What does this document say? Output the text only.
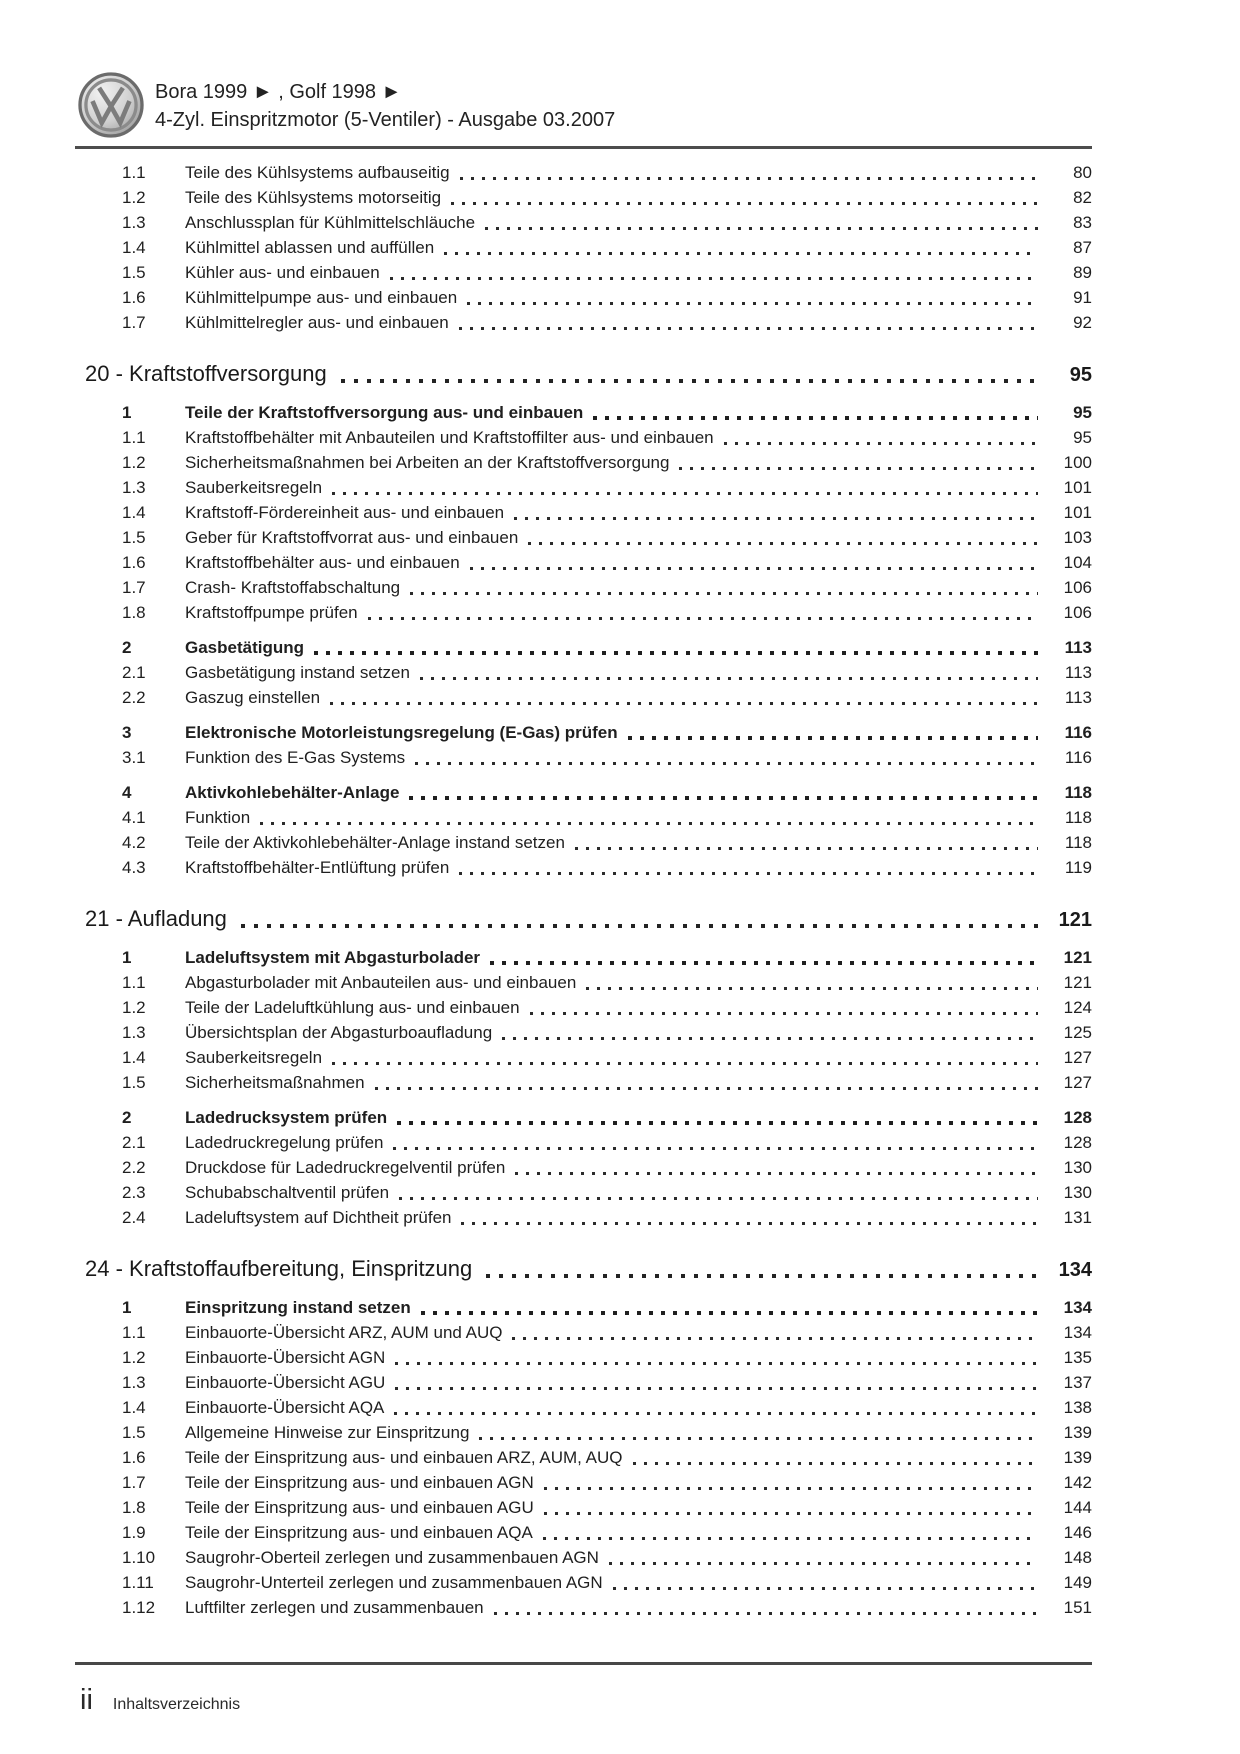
Bora 1999 ► , Golf 1998 ►
4-Zyl. Einspritzmotor (5-Ventiler) - Ausgabe 03.2007
1.1	Teile des Kühlsystems aufbauseitig	80
1.2	Teile des Kühlsystems motorseitig	82
1.3	Anschlussplan für Kühlmittelschläuche	83
1.4	Kühlmittel ablassen und auffüllen	87
1.5	Kühler aus- und einbauen	89
1.6	Kühlmittelpumpe aus- und einbauen	91
1.7	Kühlmittelregler aus- und einbauen	92
20 - Kraftstoffversorgung	95
1	Teile der Kraftstoffversorgung aus- und einbauen	95
1.1	Kraftstoffbehälter mit Anbauteilen und Kraftstoffilter aus- und einbauen	95
1.2	Sicherheitsmaßnahmen bei Arbeiten an der Kraftstoffversorgung	100
1.3	Sauberkeitsregeln	101
1.4	Kraftstoff-Fördereinheit aus- und einbauen	101
1.5	Geber für Kraftstoffvorrat aus- und einbauen	103
1.6	Kraftstoffbehälter aus- und einbauen	104
1.7	Crash- Kraftstoffabschaltung	106
1.8	Kraftstoffpumpe prüfen	106
2	Gasbetätigung	113
2.1	Gasbetätigung instand setzen	113
2.2	Gaszug einstellen	113
3	Elektronische Motorleistungsregelung (E-Gas) prüfen	116
3.1	Funktion des E-Gas Systems	116
4	Aktivkohlebehälter-Anlage	118
4.1	Funktion	118
4.2	Teile der Aktivkohlebehälter-Anlage instand setzen	118
4.3	Kraftstoffbehälter-Entlüftung prüfen	119
21 - Aufladung	121
1	Ladeluftsystem mit Abgasturbolader	121
1.1	Abgasturbolader mit Anbauteilen aus- und einbauen	121
1.2	Teile der Ladeluftkühlung aus- und einbauen	124
1.3	Übersichtsplan der Abgasturboaufladung	125
1.4	Sauberkeitsregeln	127
1.5	Sicherheitsmaßnahmen	127
2	Ladedrucksystem prüfen	128
2.1	Ladedruckregelung prüfen	128
2.2	Druckdose für Ladedruckregelventil prüfen	130
2.3	Schubabschaltventil prüfen	130
2.4	Ladeluftsystem auf Dichtheit prüfen	131
24 - Kraftstoffaufbereitung, Einspritzung	134
1	Einspritzung instand setzen	134
1.1	Einbauorte-Übersicht ARZ, AUM und AUQ	134
1.2	Einbauorte-Übersicht AGN	135
1.3	Einbauorte-Übersicht AGU	137
1.4	Einbauorte-Übersicht AQA	138
1.5	Allgemeine Hinweise zur Einspritzung	139
1.6	Teile der Einspritzung aus- und einbauen ARZ, AUM, AUQ	139
1.7	Teile der Einspritzung aus- und einbauen AGN	142
1.8	Teile der Einspritzung aus- und einbauen AGU	144
1.9	Teile der Einspritzung aus- und einbauen AQA	146
1.10	Saugrohr-Oberteil zerlegen und zusammenbauen AGN	148
1.11	Saugrohr-Unterteil zerlegen und zusammenbauen AGN	149
1.12	Luftfilter zerlegen und zusammenbauen	151
ii Inhaltsverzeichnis
